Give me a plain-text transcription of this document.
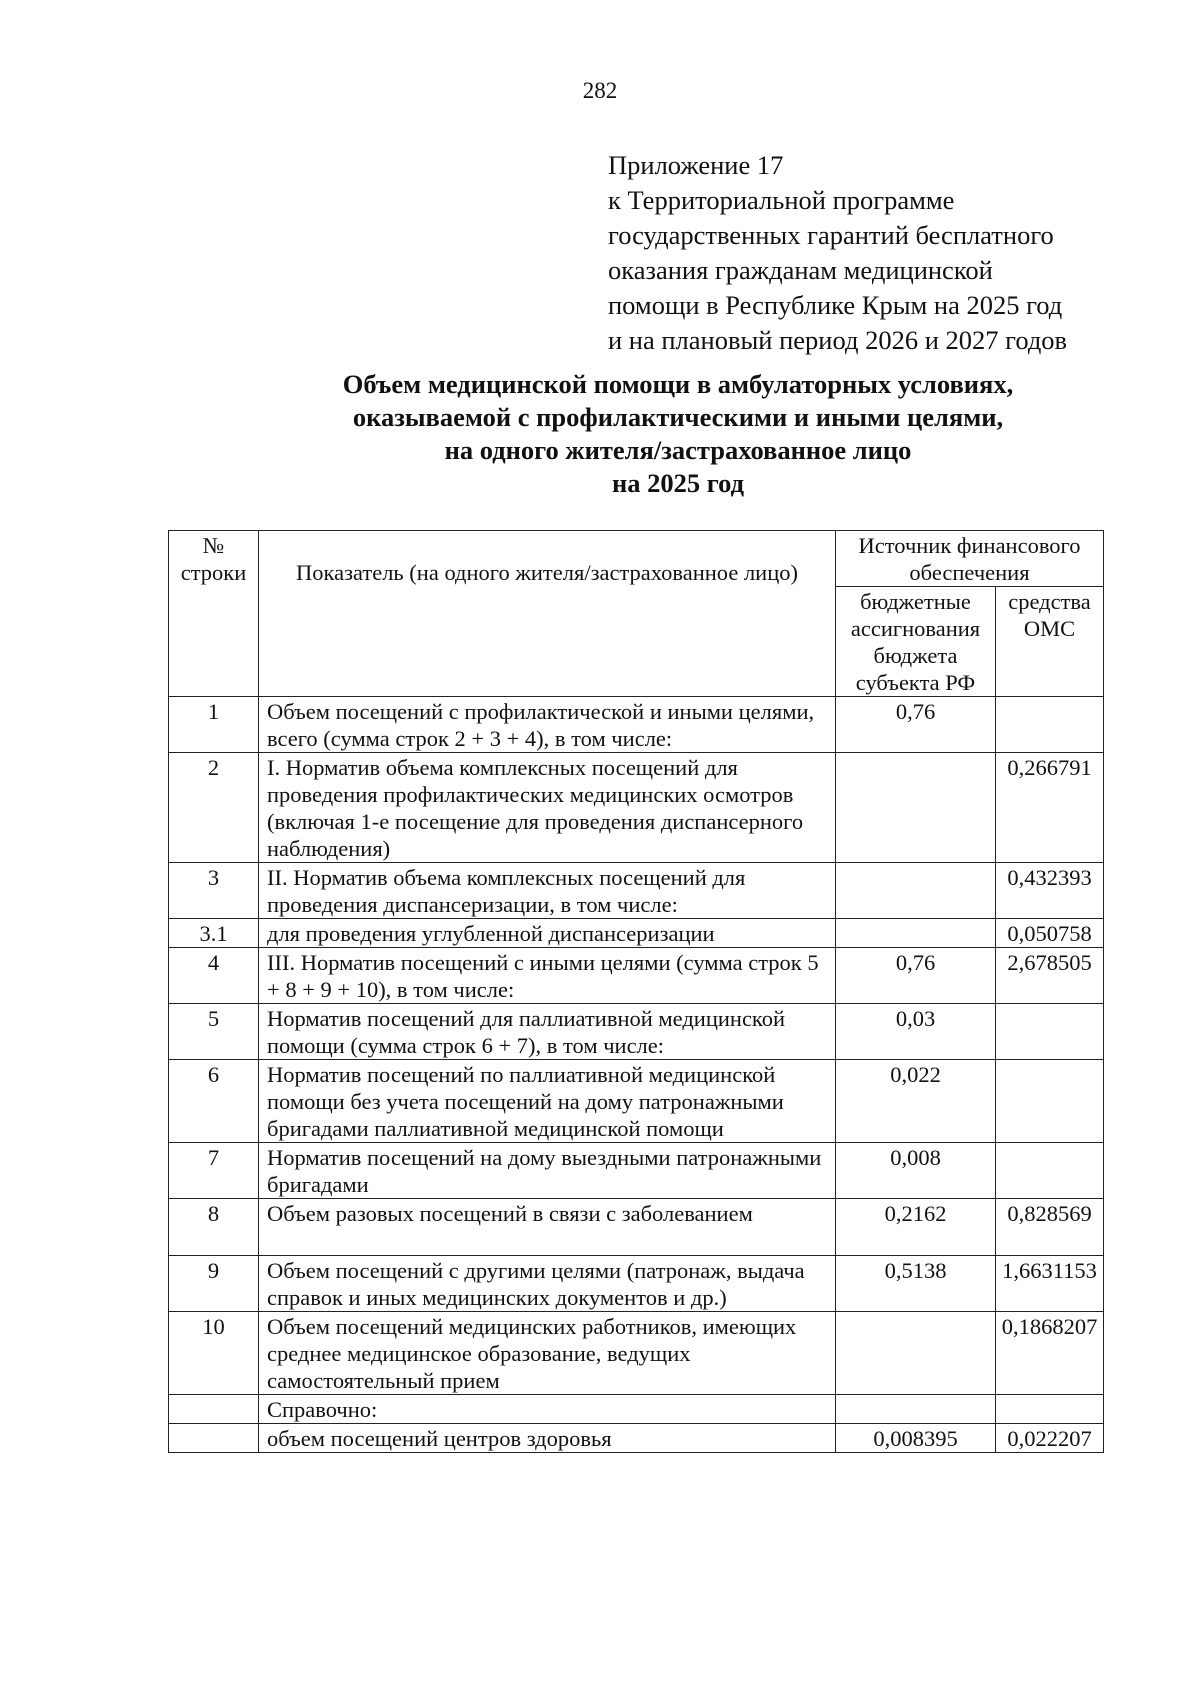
282
Приложение 17
к Территориальной программе
государственных гарантий бесплатного
оказания гражданам медицинской
помощи в Республике Крым на 2025 год
и на плановый период 2026 и 2027 годов
Объем медицинской помощи в амбулаторных условиях,
оказываемой с профилактическими и иными целями,
на одного жителя/застрахованное лицо
на 2025 год
№ строки	Показатель (на одного жителя/застрахованное лицо)	Источник финансового обеспечения	
		бюджетные ассигнования бюджета субъекта РФ	средства ОМС
1	Объем посещений с профилактической и иными целями, всего (сумма строк 2 + 3 + 4), в том числе:	0,76	
2	I. Норматив объема комплексных посещений для проведения профилактических медицинских осмотров (включая 1-е посещение для проведения диспансерного наблюдения)		0,266791
3	II. Норматив объема комплексных посещений для проведения диспансеризации, в том числе:		0,432393
3.1	для проведения углубленной диспансеризации		0,050758
4	III. Норматив посещений с иными целями (сумма строк 5 + 8 + 9 + 10), в том числе:	0,76	2,678505
5	Норматив посещений для паллиативной медицинской помощи (сумма строк 6 + 7), в том числе:	0,03	
6	Норматив посещений по паллиативной медицинской помощи без учета посещений на дому патронажными бригадами паллиативной медицинской помощи	0,022	
7	Норматив посещений на дому выездными патронажными бригадами	0,008	
8	Объем разовых посещений в связи с заболеванием	0,2162	0,828569
9	Объем посещений с другими целями (патронаж, выдача справок и иных медицинских документов и др.)	0,5138	1,6631153
10	Объем посещений медицинских работников, имеющих среднее медицинское образование, ведущих самостоятельный прием		0,1868207
	Справочно:		
	объем посещений центров здоровья	0,008395	0,022207
